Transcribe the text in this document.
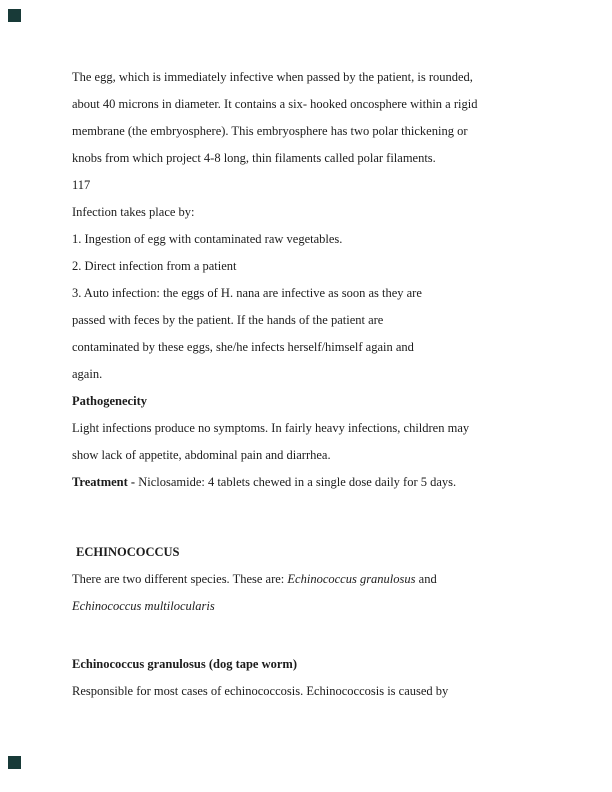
The egg, which is immediately infective when passed by the patient, is rounded,
about 40 microns in diameter. It contains a six- hooked oncosphere within a rigid
membrane (the embryosphere). This embryosphere has two polar thickening or
knobs from which project 4-8 long, thin filaments called polar filaments.
117
Infection takes place by:
1. Ingestion of egg with contaminated raw vegetables.
2. Direct infection from a patient
3. Auto infection: the eggs of H. nana are infective as soon as they are
passed with feces by the patient. If the hands of the patient are
contaminated by these eggs, she/he infects herself/himself again and
again.
Pathogenecity
Light infections produce no symptoms. In fairly heavy infections, children may
show lack of appetite, abdominal pain and diarrhea.
Treatment - Niclosamide: 4 tablets chewed in a single dose daily for 5 days.
ECHINOCOCCUS
There are two different species. These are: Echinococcus granulosus and
Echinococcus multilocularis
Echinococcus granulosus (dog tape worm)
Responsible for most cases of echinococcosis. Echinococcosis is caused by
